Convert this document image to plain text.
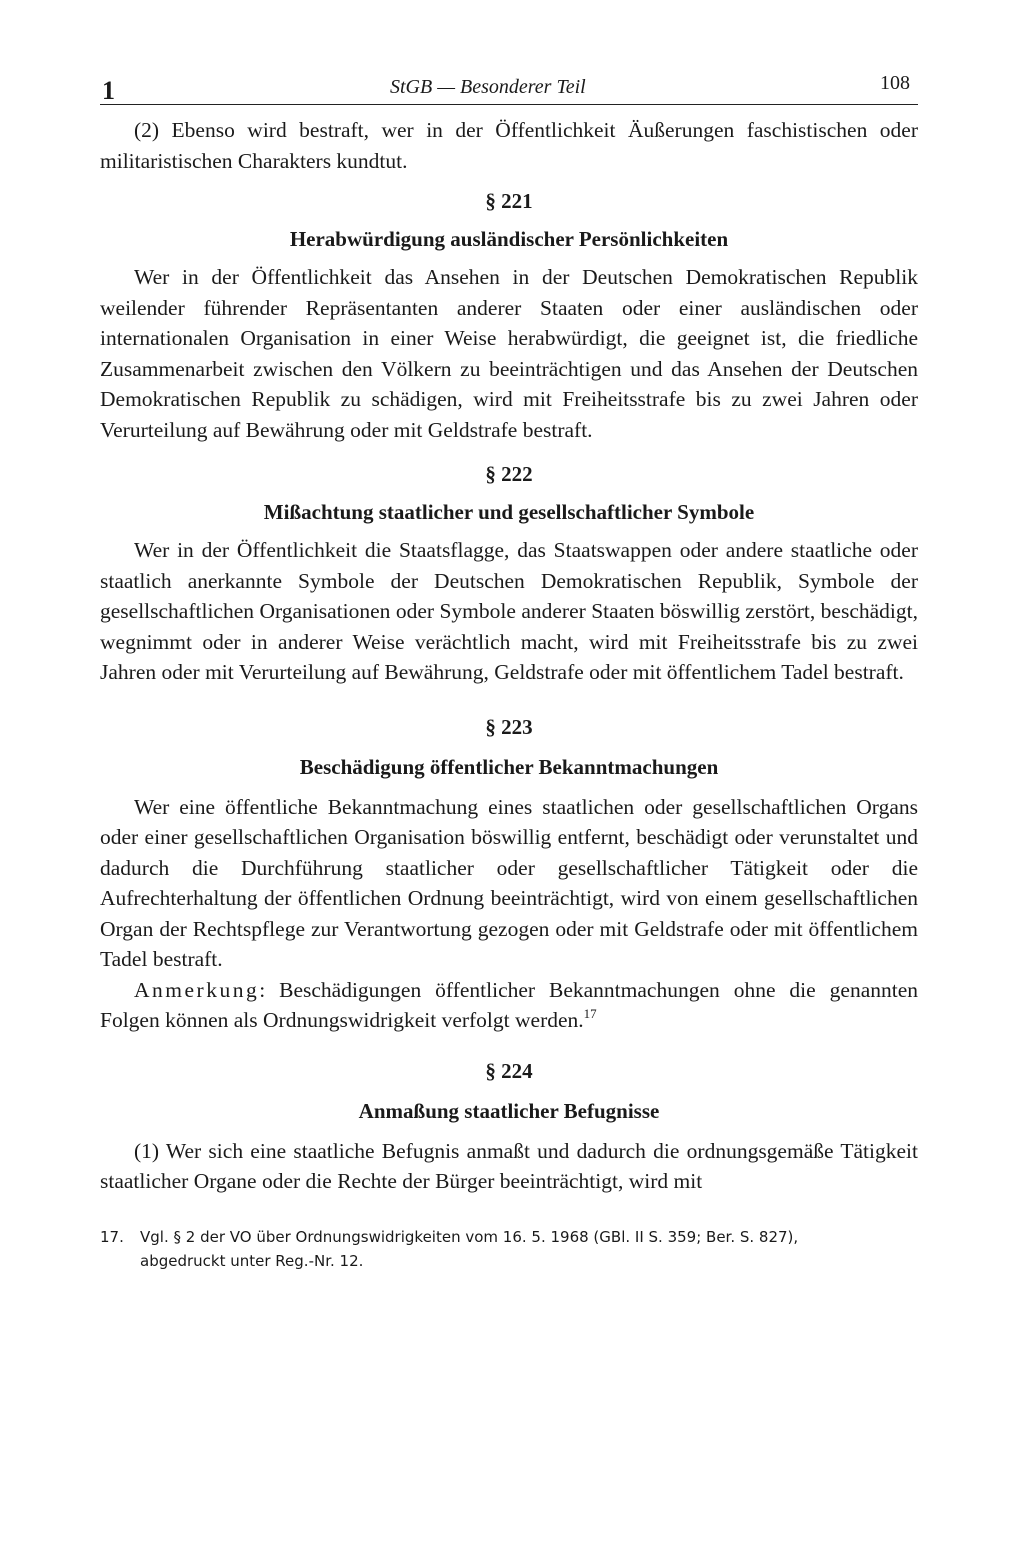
1	StGB — Besonderer Teil	108

(2) Ebenso wird bestraft, wer in der Öffentlichkeit Äußerungen faschistischen oder militaristischen Charakters kundtut.

§ 221

Herabwürdigung ausländischer Persönlichkeiten

Wer in der Öffentlichkeit das Ansehen in der Deutschen Demokratischen Republik weilender führender Repräsentanten anderer Staaten oder einer ausländischen oder internationalen Organisation in einer Weise herabwürdigt, die geeignet ist, die friedliche Zusammenarbeit zwischen den Völkern zu beeinträchtigen und das Ansehen der Deutschen Demokratischen Republik zu schädigen, wird mit Freiheitsstrafe bis zu zwei Jahren oder Verurteilung auf Bewährung oder mit Geldstrafe bestraft.

§ 222

Mißachtung staatlicher und gesellschaftlicher Symbole

Wer in der Öffentlichkeit die Staatsflagge, das Staatswappen oder andere staatliche oder staatlich anerkannte Symbole der Deutschen Demokratischen Republik, Symbole der gesellschaftlichen Organisationen oder Symbole anderer Staaten böswillig zerstört, beschädigt, wegnimmt oder in anderer Weise verächtlich macht, wird mit Freiheitsstrafe bis zu zwei Jahren oder mit Verurteilung auf Bewährung, Geldstrafe oder mit öffentlichem Tadel bestraft.

§ 223

Beschädigung öffentlicher Bekanntmachungen

Wer eine öffentliche Bekanntmachung eines staatlichen oder gesellschaftlichen Organs oder einer gesellschaftlichen Organisation böswillig entfernt, beschädigt oder verunstaltet und dadurch die Durchführung staatlicher oder gesellschaftlicher Tätigkeit oder die Aufrechterhaltung der öffentlichen Ordnung beeinträchtigt, wird von einem gesellschaftlichen Organ der Rechtspflege zur Verantwortung gezogen oder mit Geldstrafe oder mit öffentlichem Tadel bestraft.

Anmerkung: Beschädigungen öffentlicher Bekanntmachungen ohne die genannten Folgen können als Ordnungswidrigkeit verfolgt werden.$^{17}$

§ 224

Anmaßung staatlicher Befugnisse

(1) Wer sich eine staatliche Befugnis anmaßt und dadurch die ordnungsgemäße Tätigkeit staatlicher Organe oder die Rechte der Bürger beeinträchtigt, wird mit

17. Vgl. § 2 der VO über Ordnungswidrigkeiten vom 16. 5. 1968 (GBl. II S. 359; Ber. S. 827),

abgedruckt unter Reg.-Nr. 12.
